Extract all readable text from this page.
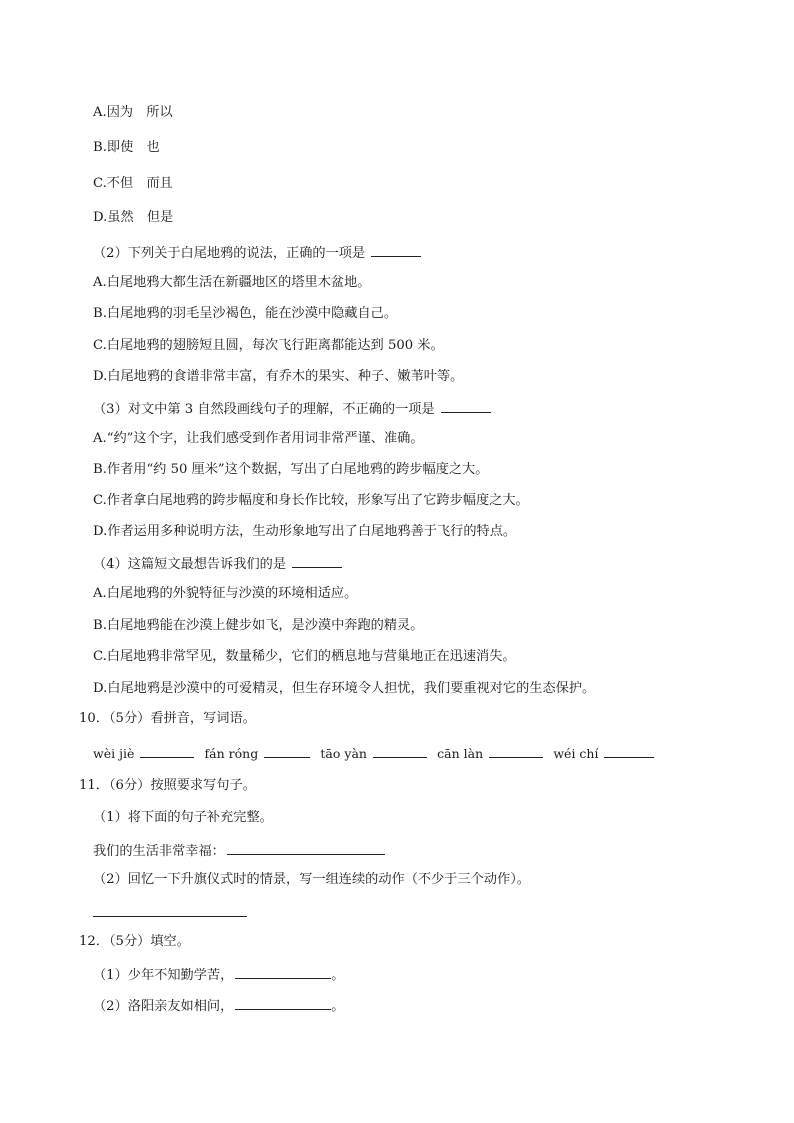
A.因为　所以
B.即使　也
C.不但　而且
D.虽然　但是
（2）下列关于白尾地鸦的说法，正确的一项是
A.白尾地鸦大都生活在新疆地区的塔里木盆地。
B.白尾地鸦的羽毛呈沙褐色，能在沙漠中隐藏自己。
C.白尾地鸦的翅膀短且圆，每次飞行距离都能达到 500 米。
D.白尾地鸦的食谱非常丰富，有乔木的果实、种子、嫩苇叶等。
（3）对文中第 3 自然段画线句子的理解，不正确的一项是
A.“约”这个字，让我们感受到作者用词非常严谨、准确。
B.作者用“约 50 厘米”这个数据，写出了白尾地鸦的跨步幅度之大。
C.作者拿白尾地鸦的跨步幅度和身长作比较，形象写出了它跨步幅度之大。
D.作者运用多种说明方法，生动形象地写出了白尾地鸦善于飞行的特点。
（4）这篇短文最想告诉我们的是
A.白尾地鸦的外貌特征与沙漠的环境相适应。
B.白尾地鸦能在沙漠上健步如飞，是沙漠中奔跑的精灵。
C.白尾地鸦非常罕见，数量稀少，它们的栖息地与营巢地正在迅速消失。
D.白尾地鸦是沙漠中的可爱精灵，但生存环境令人担忧，我们要重视对它的生态保护。
10．（5分）看拼音，写词语。
wèi jiè	fán róng	tāo yàn	cān làn	wéi chí
11．（6分）按照要求写句子。
（1）将下面的句子补充完整。
我们的生活非常幸福：
（2）回忆一下升旗仪式时的情景，写一组连续的动作（不少于三个动作）。
12．（5分）填空。
（1）少年不知勤学苦，	。
（2）洛阳亲友如相问，	。
